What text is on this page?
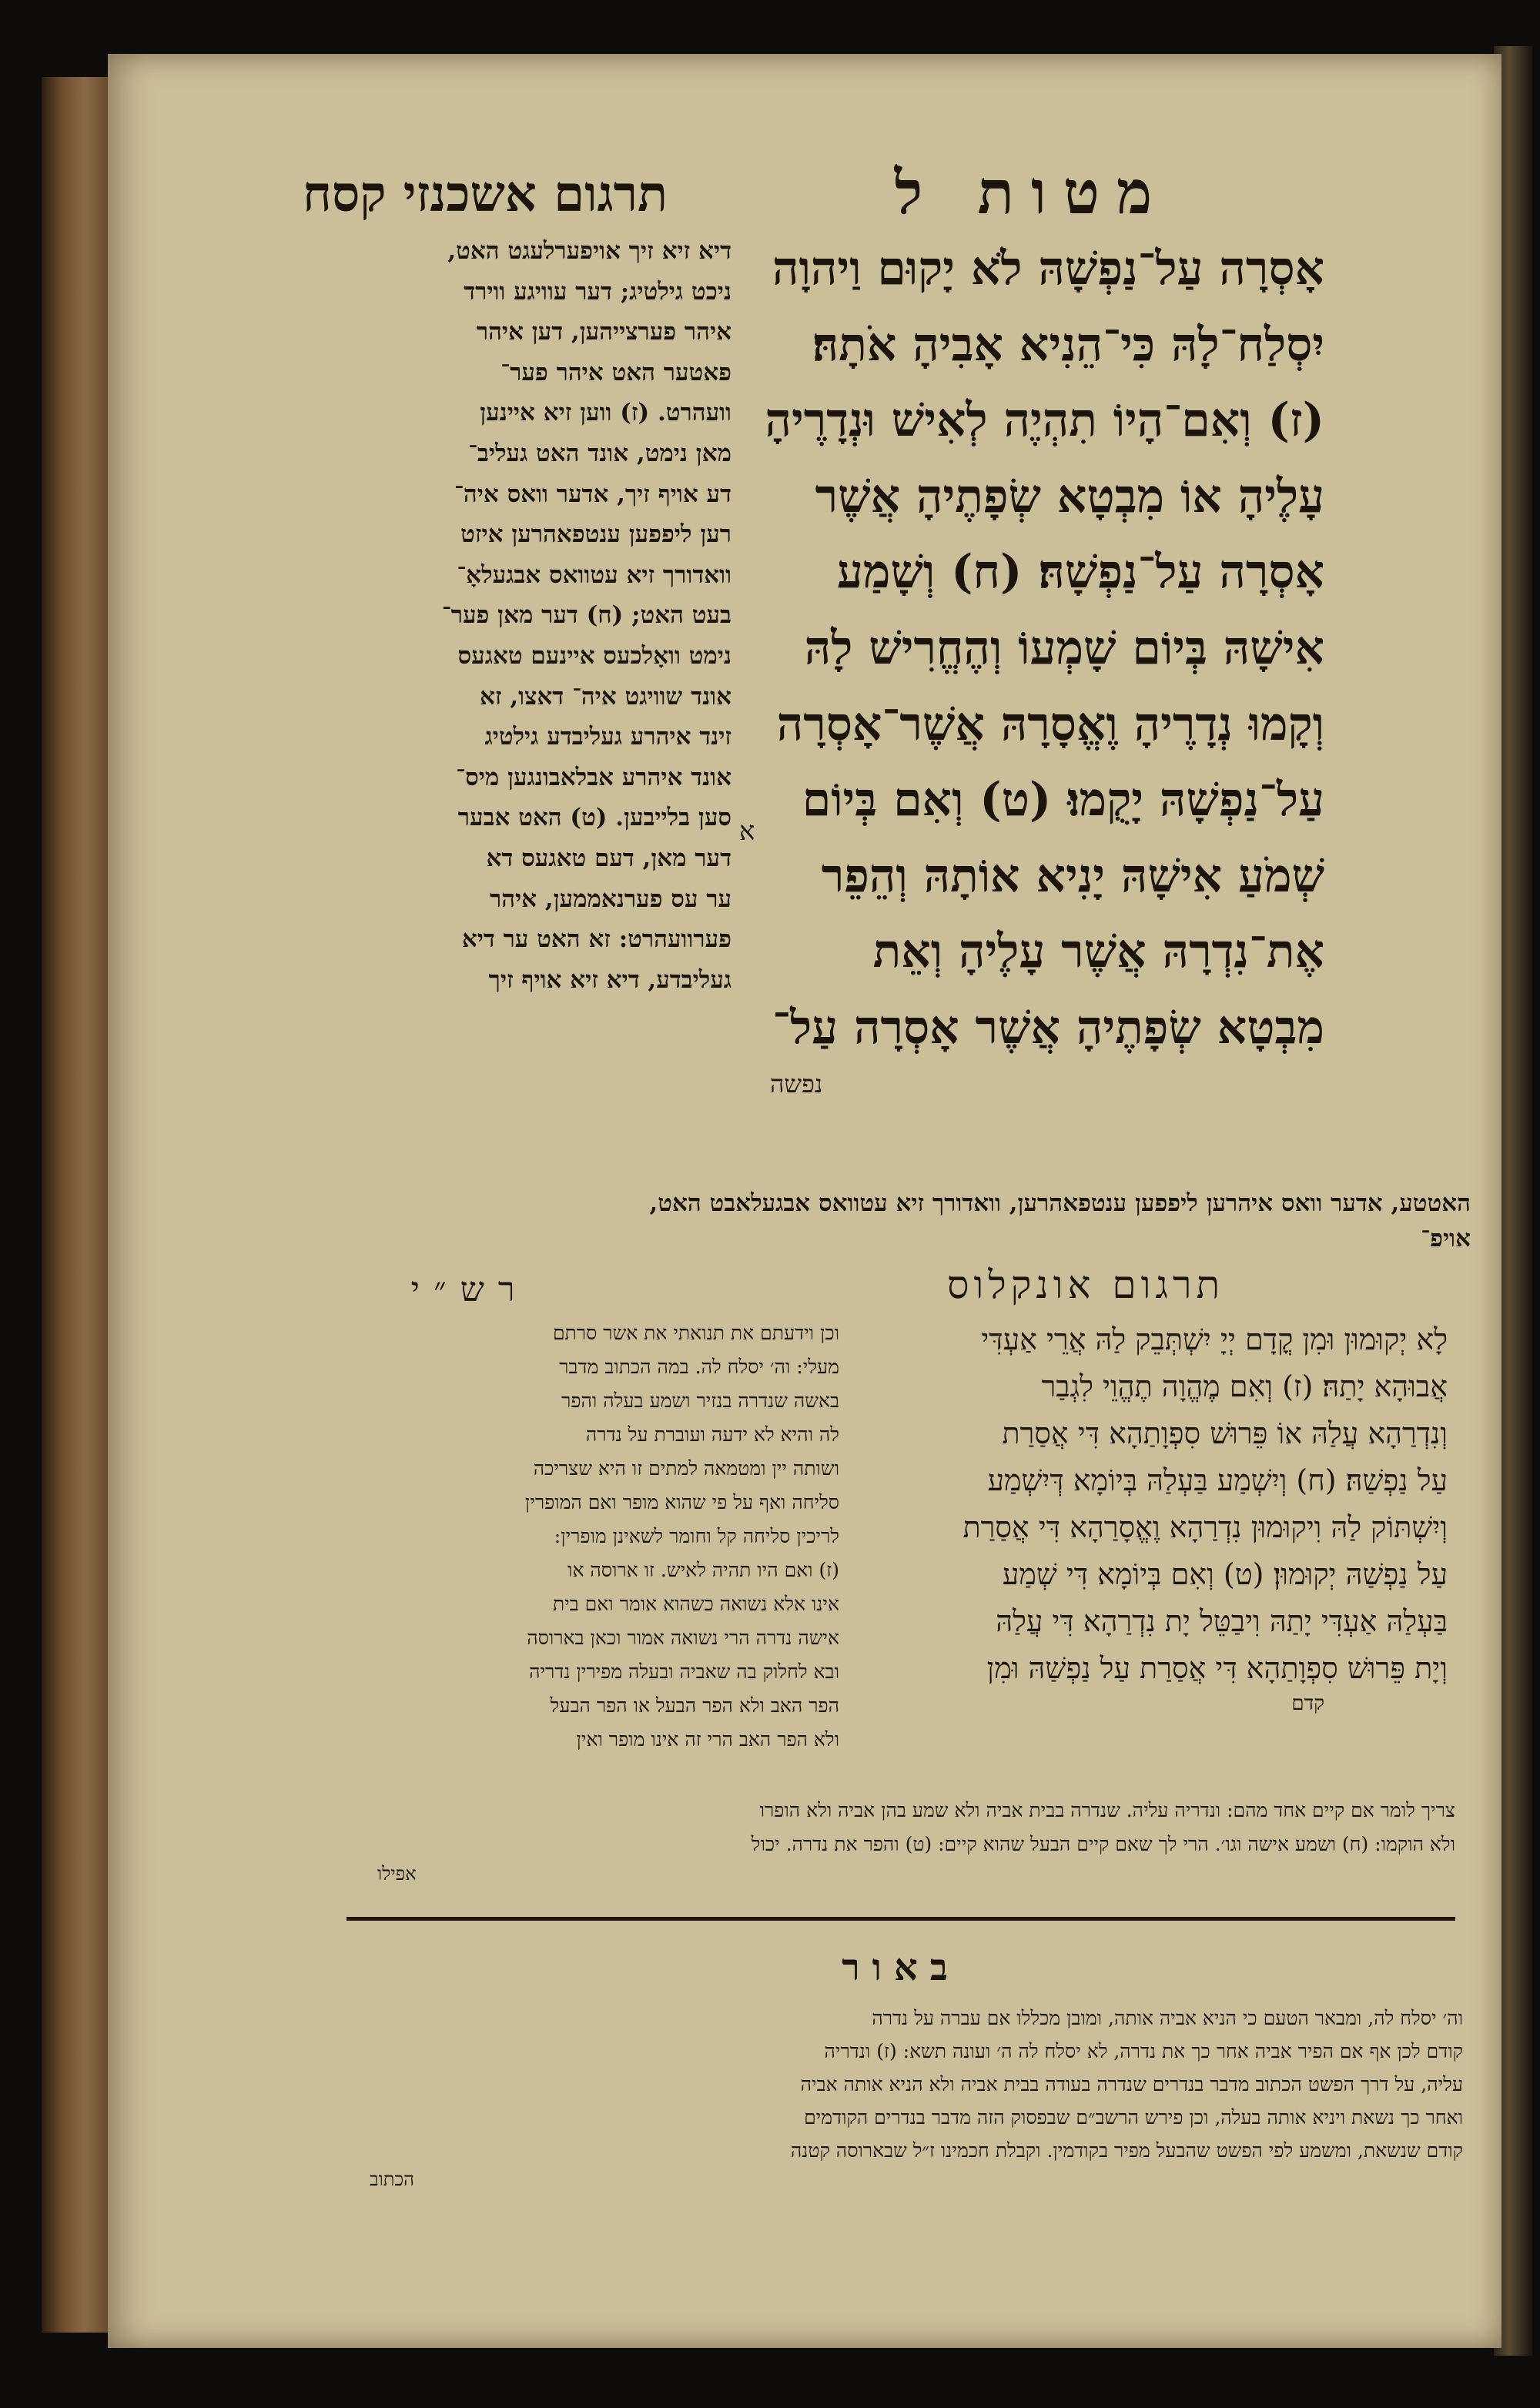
תרגום אשכנזי קסח	מטות ל
אָסְרָה עַל־נַפְשָׁהּ לֹא יָקוּם וַיהוָה
יִסְלַח־לָהּ כִּי־הֵנִיא אָבִיהָ אֹתָהּ׃
(ז) וְאִם־הָיוֹ תִהְיֶה לְאִישׁ וּנְדָרֶיהָ
עָלֶיהָ אוֹ מִבְטָא שְׂפָתֶיהָ אֲשֶׁר
אָסְרָה עַל־נַפְשָׁהּ׃ (ח) וְשָׁמַע
אִישָׁהּ בְּיוֹם שָׁמְעוֹ וְהֶחֱרִישׁ לָהּ
וְקָמוּ נְדָרֶיהָ וֶאֱסָרָהּ אֲשֶׁר־אָסְרָה
עַל־נַפְשָׁהּ יָקֻמוּ׃ (ט) וְאִם בְּיוֹם
שְׁמֹעַ אִישָׁהּ יָנִיא אוֹתָהּ וְהֵפֵר
אֶת־נִדְרָהּ אֲשֶׁר עָלֶיהָ וְאֵת
מִבְטָא שְׂפָתֶיהָ אֲשֶׁר אָסְרָה עַל־
נפשה
א
דיא זיא זיך אויפערלעגט האט,
ניכט גילטיג; דער עוויגע ווירד
איהר פערצייהען, דען איהר
פאטער האט איהר פער־
וועהרט. (ז) ווען זיא איינען
מאן נימט, אונד האט געליב־
דע אויף זיך, אדער וואס איה־
רען ליפפען ענטפאהרען איזט
וואדורך זיא עטוואס אבגעלאָ־
בעט האט; (ח) דער מאן פער־
נימט וואָלכעס איינעם טאגעס
אונד שוויגט איה־ דאצו, זא
זינד איהרע געליבדע גילטיג
אונד איהרע אבלאבונגען מיס־
סען בלייבען. (ט) האט אבער
דער מאן, דעם טאגעס דא
ער עס פערנאממען, איהר
פערוועהרט: זא האט ער דיא
געליבדע, דיא זיא אויף זיך
האטטע, אדער וואס איהרען ליפפען ענטפאהרען, וואדורך זיא עטוואס אבגעלאבט האט,
אויפ־
תרגום אונקלוס
רש״י
לָא יְקוּמוּן וּמִן קֳדָם יְיָ יִשְׁתְּבֵק לַהּ אֲרֵי אַעְדִּי
אֲבוּהָא יָתַהּ׃ (ז) וְאִם מֶהֱוָה תֶהֱוֵי לִגְבַר
וְנִדְרַהָא עֲלַהּ אוֹ פֵּרוּשׁ סִפְוָתַהָא דִּי אֲסַרַת
עַל נַפְשַׁהּ׃ (ח) וְיִשְׁמַע בַּעְלַהּ בְּיוֹמָא דְּיִשְׁמַע
וְיִשְׁתּוֹק לַהּ וִיקוּמוּן נִדְרַהָא וֶאֱסָרַהָא דִּי אֲסַרַת
עַל נַפְשַׁהּ יְקוּמוּן׃ (ט) וְאִם בְּיוֹמָא דִּי שְׁמַע
בַּעְלַהּ אַעְדִּי יָתַהּ וִיבַטֵּל יָת נִדְרַהָא דִּי עֲלַהּ
וְיָת פֵּרוּשׁ סִפְוָתַהָא דִּי אֲסַרַת עַל נַפְשַׁהּ וּמִן
קדם
וכן וידעתם את תנואתי את אשר סרתם
מעלי: וה׳ יסלח לה. במה הכתוב מדבר
באשה שנדרה בנזיר ושמע בעלה והפר
לה והיא לא ידעה ועוברת על נדרה
ושותה יין ומטמאה למתים זו היא שצריכה
סליחה ואף על פי שהוא מופר ואם המופרין
לריכין סליחה קל וחומר לשאינן מופרין:
(ז) ואם היו תהיה לאיש. זו ארוסה או
אינו אלא נשואה כשהוא אומר ואם בית
אישה נדרה הרי נשואה אמור וכאן בארוסה
ובא לחלוק בה שאביה ובעלה מפירין נדריה
הפר האב ולא הפר הבעל או הפר הבעל
ולא הפר האב הרי זה אינו מופר ואין
צריך לומר אם קיים אחד מהם: ונדריה עליה. שנדרה בבית אביה ולא שמע בהן אביה ולא הופרו
ולא הוקמו: (ח) ושמע אישה וגו׳. הרי לך שאם קיים הבעל שהוא קיים: (ט) והפר את נדרה. יכול
אפילו
באור
וה׳ יסלח לה, ומבאר הטעם כי הניא אביה אותה, ומובן מכללו אם עברה על נדרה
קודם לכן אף אם הפיר אביה אחר כך את נדרה, לא יסלח לה ה׳ ועונה תשא: (ז) ונדריה
עליה, על דרך הפשט הכתוב מדבר בנדרים שנדרה בעודה בבית אביה ולא הניא אותה אביה
ואחר כך נשאת ויניא אותה בעלה, וכן פירש הרשב״ם שבפסוק הזה מדבר בנדרים הקודמים
קודם שנשאת, ומשמע לפי הפשט שהבעל מפיר בקודמין. וקבלת חכמינו ז״ל שבארוסה קטנה
הכתוב
